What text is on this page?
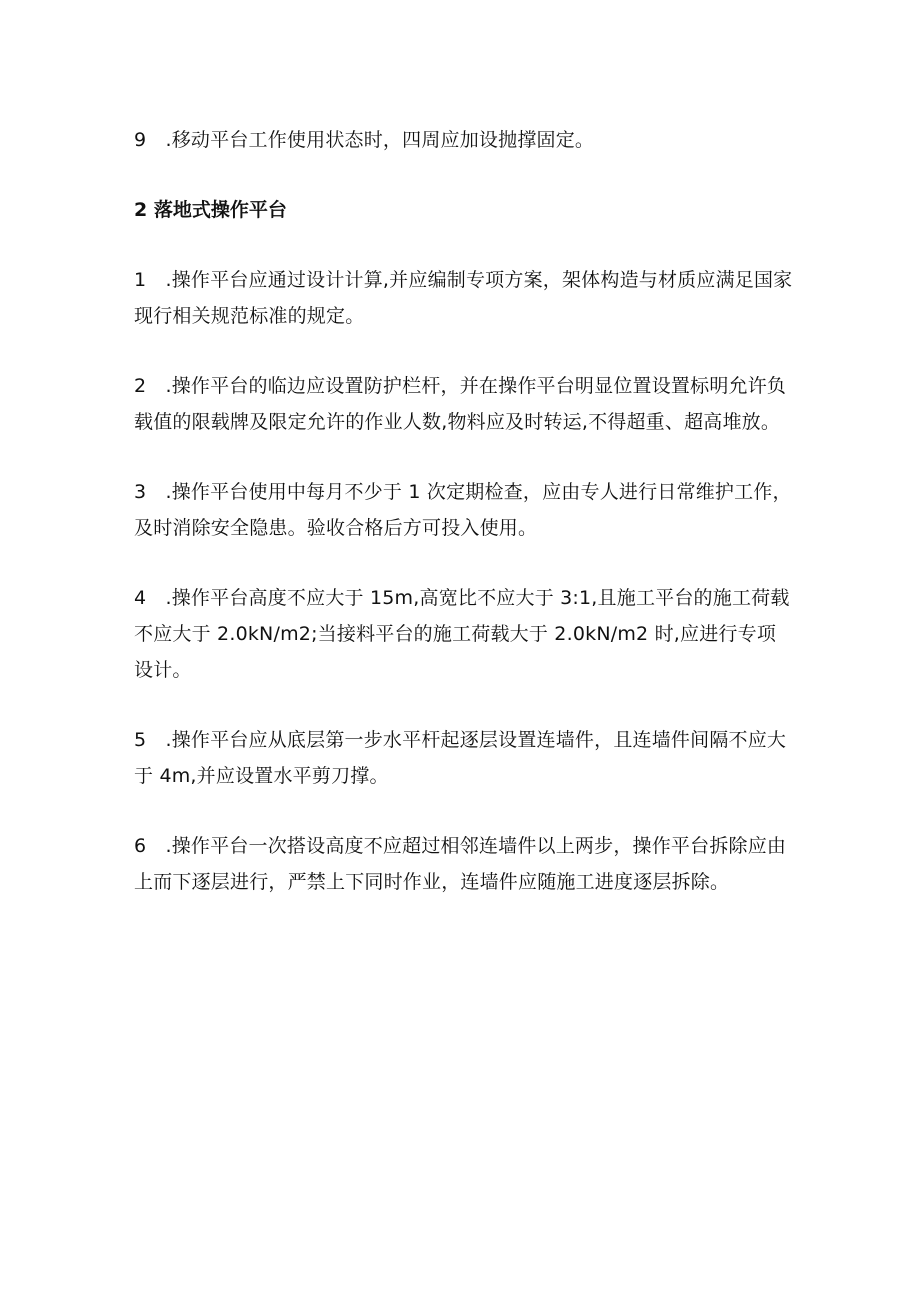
9 .移动平台工作使用状态时，四周应加设抛撑固定。

2 落地式操作平台

1 .操作平台应通过设计计算,并应编制专项方案，架体构造与材质应满足国家现行相关规范标准的规定。

2 .操作平台的临边应设置防护栏杆，并在操作平台明显位置设置标明允许负载值的限载牌及限定允许的作业人数,物料应及时转运,不得超重、超高堆放。

3 .操作平台使用中每月不少于 1 次定期检查，应由专人进行日常维护工作，及时消除安全隐患。验收合格后方可投入使用。

4 .操作平台高度不应大于 15m,高宽比不应大于 3:1,且施工平台的施工荷载不应大于 2.0kN/m2;当接料平台的施工荷载大于 2.0kN/m2 时,应进行专项设计。

5 .操作平台应从底层第一步水平杆起逐层设置连墙件，且连墙件间隔不应大于 4m,并应设置水平剪刀撑。

6 .操作平台一次搭设高度不应超过相邻连墙件以上两步，操作平台拆除应由上而下逐层进行，严禁上下同时作业，连墙件应随施工进度逐层拆除。
